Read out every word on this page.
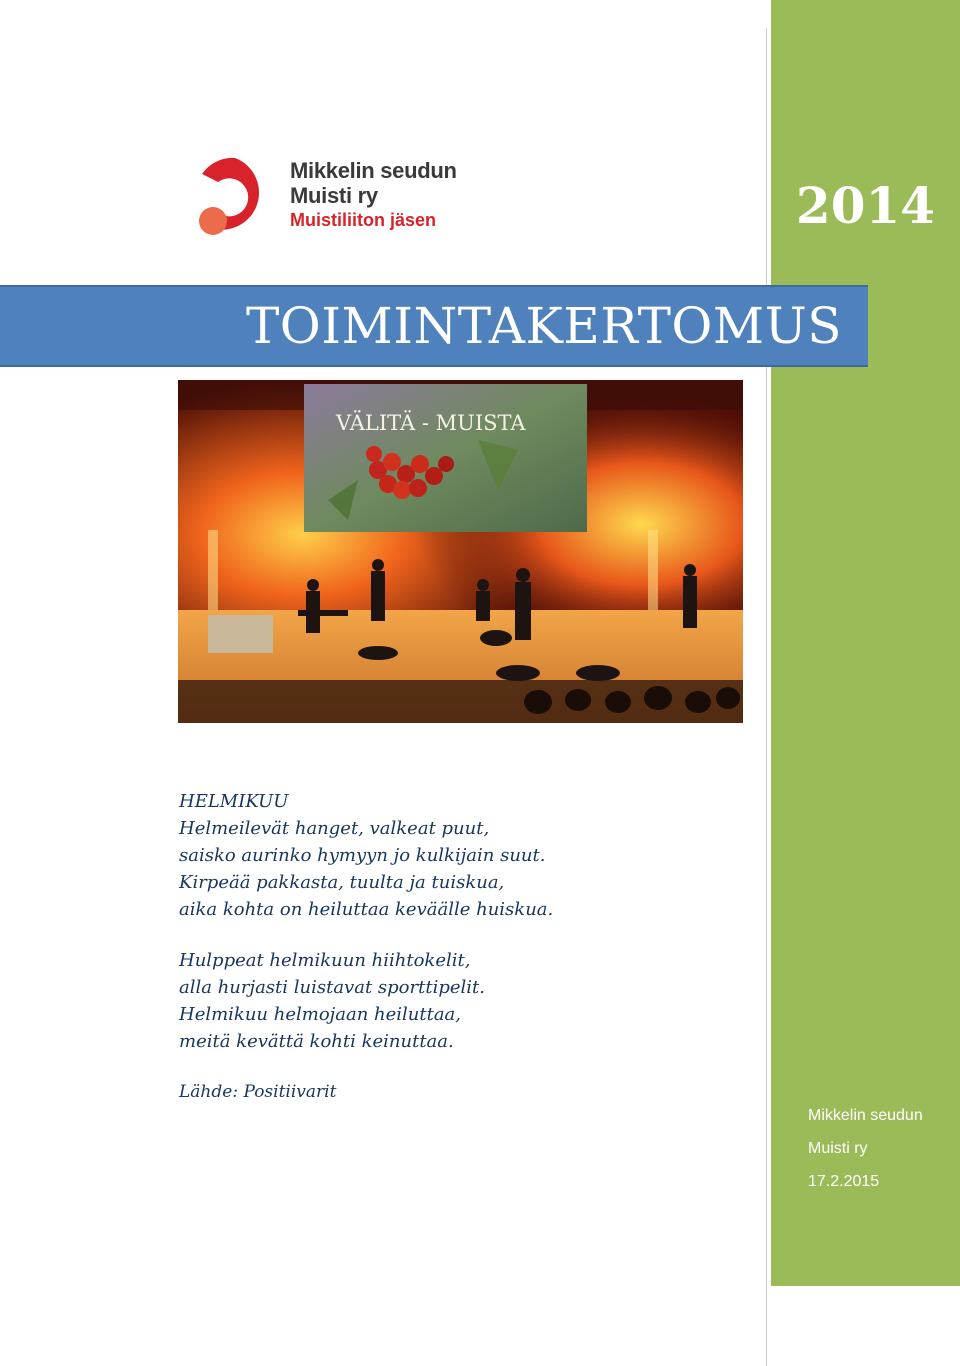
2014
Mikkelin seudun
Muisti ry
17.2.2015
Mikkelin seudun
Muisti ry
Muistiliiton jäsen
TOIMINTAKERTOMUS
VÄLITÄ - MUISTA
HELMIKUU
Helmeilevät hanget, valkeat puut,
saisko aurinko hymyyn jo kulkijain suut.
Kirpeää pakkasta, tuulta ja tuiskua,
aika kohta on heiluttaa keväälle huiskua.
Hulppeat helmikuun hiihtokelit,
alla hurjasti luistavat sporttipelit.
Helmikuu helmojaan heiluttaa,
meitä kevättä kohti keinuttaa.
Lähde: Positiivarit
